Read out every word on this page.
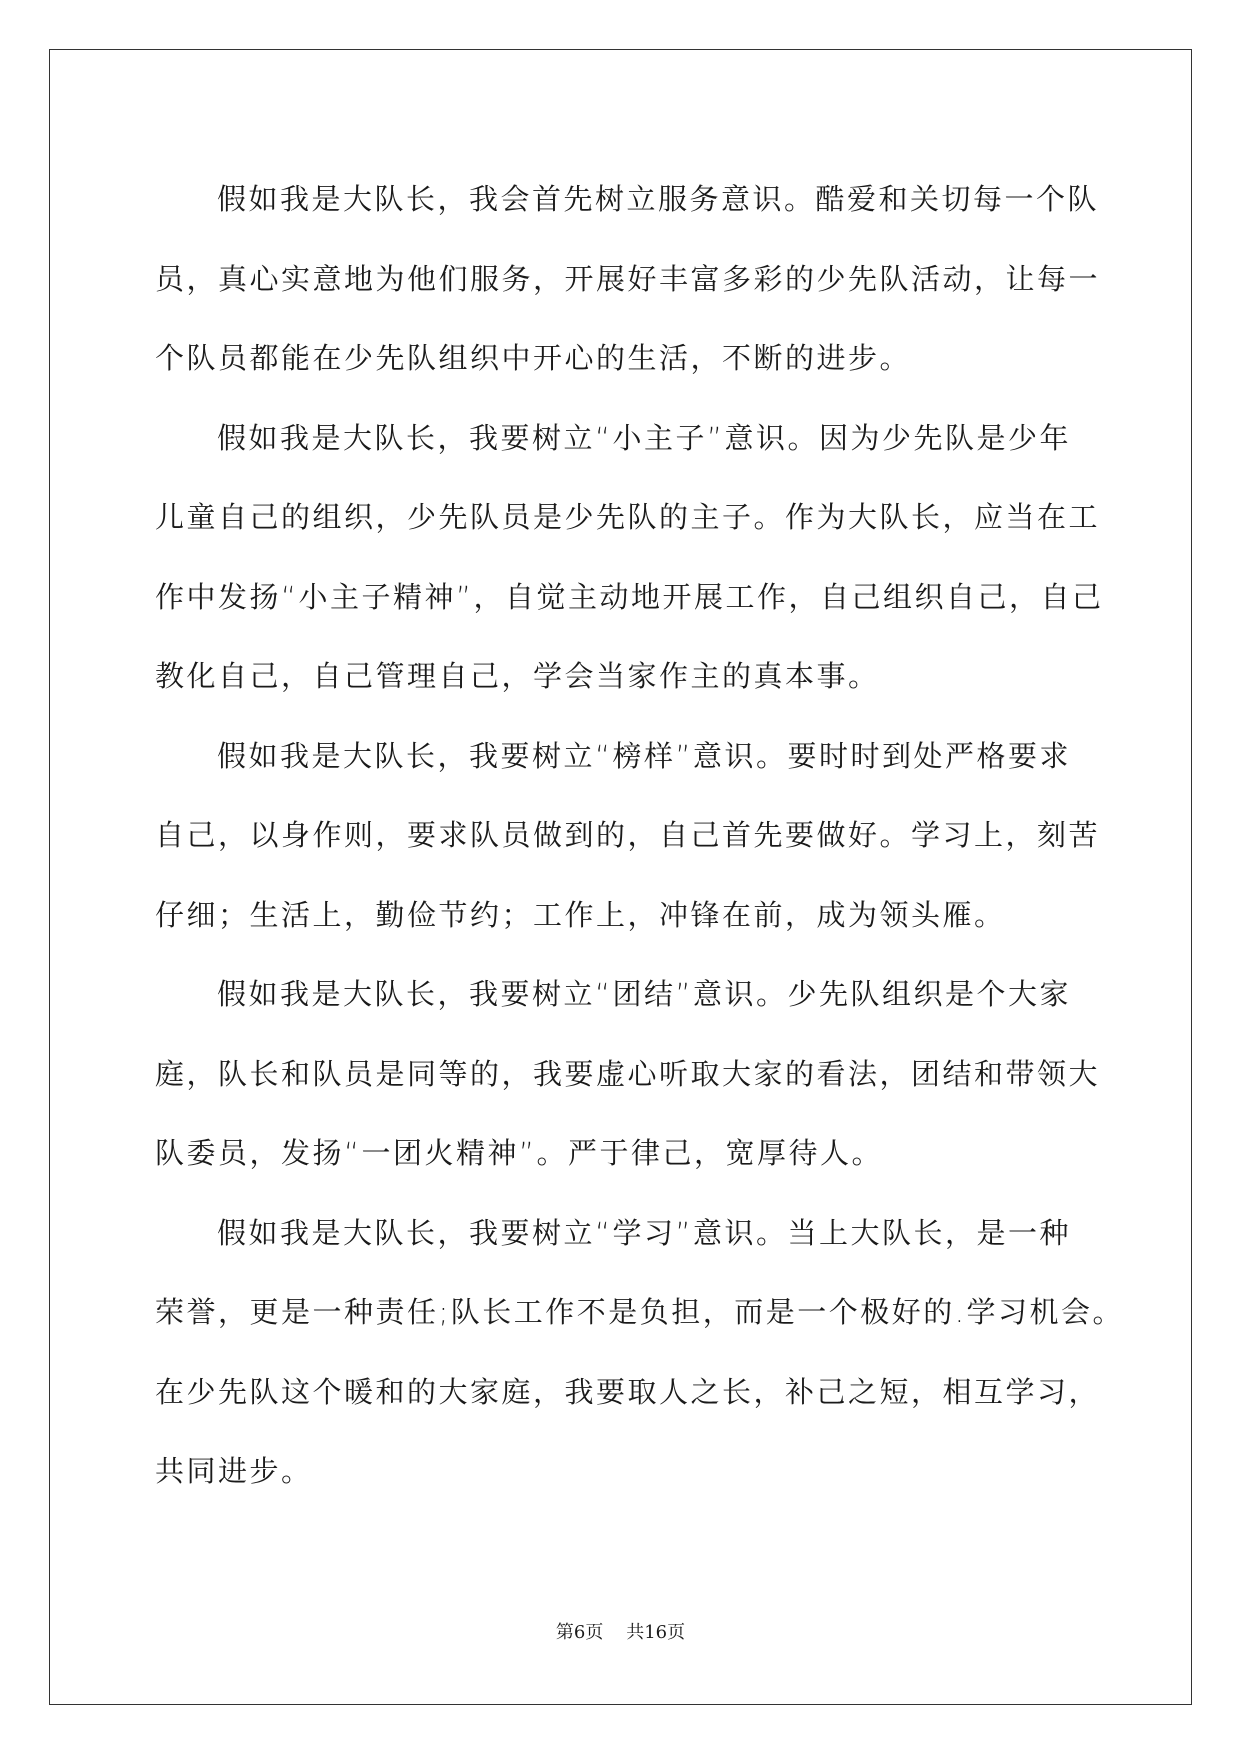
假如我是大队长，我会首先树立服务意识。酷爱和关切每一个队
员，真心实意地为他们服务，开展好丰富多彩的少先队活动，让每一
个队员都能在少先队组织中开心的生活，不断的进步。
假如我是大队长，我要树立“小主子”意识。因为少先队是少年
儿童自己的组织，少先队员是少先队的主子。作为大队长，应当在工
作中发扬“小主子精神”，自觉主动地开展工作，自己组织自己，自己
教化自己，自己管理自己，学会当家作主的真本事。
假如我是大队长，我要树立“榜样”意识。要时时到处严格要求
自己，以身作则，要求队员做到的，自己首先要做好。学习上，刻苦
仔细；生活上，勤俭节约；工作上，冲锋在前，成为领头雁。
假如我是大队长，我要树立“团结”意识。少先队组织是个大家
庭，队长和队员是同等的，我要虚心听取大家的看法，团结和带领大
队委员，发扬“一团火精神”。严于律己，宽厚待人。
假如我是大队长，我要树立“学习”意识。当上大队长，是一种
荣誉，更是一种责任;队长工作不是负担，而是一个极好的.学习机会。
在少先队这个暖和的大家庭，我要取人之长，补己之短，相互学习，
共同进步。
第6页 共16页
